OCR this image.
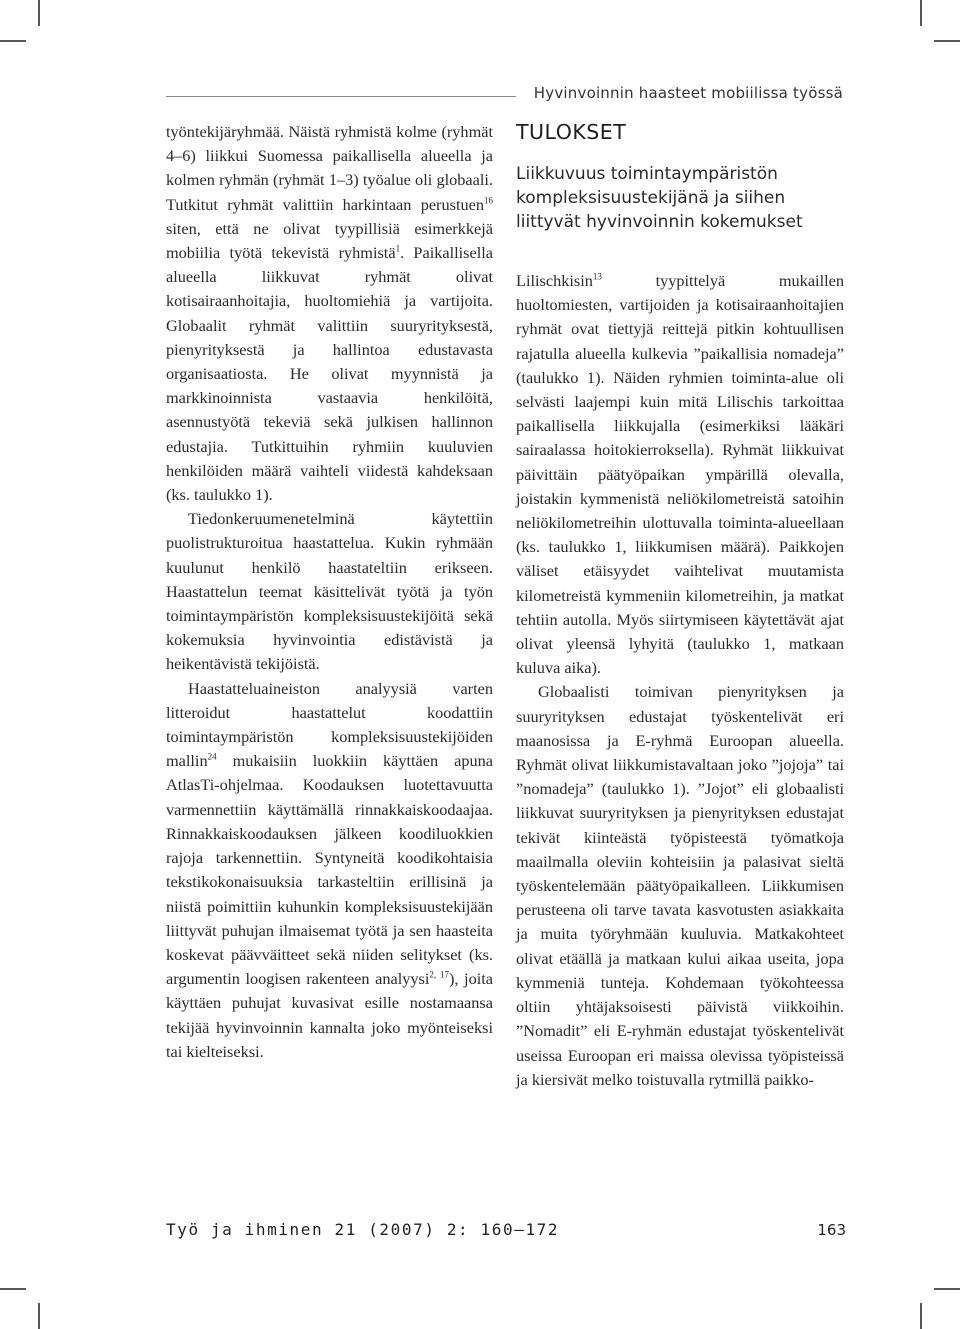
Hyvinvoinnin haasteet mobiilissa työssä

työntekijäryhmää. Näistä ryhmistä kolme (ryhmät 4–6) liikkui Suomessa paikallisella alueella ja kolmen ryhmän (ryhmät 1–3) työalue oli globaali. Tutkitut ryhmät valittiin harkintaan perustuen$^{16}$ siten, että ne olivat tyypillisiä esimerkkejä mobiilia työtä tekevistä ryhmistä$^1$. Paikallisella alueella liikkuvat ryhmät olivat kotisairaanhoitajia, huoltomiehiä ja vartijoita. Globaalit ryhmät valittiin suuryrityksestä, pienyrityksestä ja hallintoa edustavasta organisaatiosta. He olivat myynnistä ja markkinoinnista vastaavia henkilöitä, asennustyötä tekeviä sekä julkisen hallinnon edustajia. Tutkittuihin ryhmiin kuuluvien henkilöiden määrä vaihteli viidestä kahdeksaan (ks. taulukko 1).

Tiedonkeruumenetelminä käytettiin puolistrukturoitua haastattelua. Kukin ryhmään kuulunut henkilö haastateltiin erikseen. Haastattelun teemat käsittelivät työtä ja työn toimintaympäristön kompleksisuustekijöitä sekä kokemuksia hyvinvointia edistävistä ja heikentävistä tekijöistä.

Haastatteluaineiston analyysiä varten litteroidut haastattelut koodattiin toimintaympäristön kompleksisuustekijöiden mallin$^{24}$ mukaisiin luokkiin käyttäen apuna AtlasTi-ohjelmaa. Koodauksen luotettavuutta varmennettiin käyttämällä rinnakkaiskoodaajaa. Rinnakkaiskoodauksen jälkeen koodiluokkien rajoja tarkennettiin. Syntyneitä koodikohtaisia tekstikokonaisuuksia tarkasteltiin erillisinä ja niistä poimittiin kuhunkin kompleksisuustekijään liittyvät puhujan ilmaisemat työtä ja sen haasteita koskevat päävväitteet sekä niiden selitykset (ks. argumentin loogisen rakenteen analyysi$^{2, 17}$), joita käyttäen puhujat kuvasivat esille nostamaansa tekijää hyvinvoinnin kannalta joko myönteiseksi tai kielteiseksi.

TULOKSET
Liikkuvuus toimintaympäristön kompleksisuustekijänä ja siihen liittyvät hyvinvoinnin kokemukset

Lilischkisin$^{13}$ tyypittelyä mukaillen huoltomiesten, vartijoiden ja kotisairaanhoitajien ryhmät ovat tiettyjä reittejä pitkin kohtuullisen rajatulla alueella kulkevia ”paikallisia nomadeja” (taulukko 1). Näiden ryhmien toiminta-alue oli selvästi laajempi kuin mitä Lilischis tarkoittaa paikallisella liikkujalla (esimerkiksi lääkäri sairaalassa hoitokierroksella). Ryhmät liikkuivat päivittäin päätyöpaikan ympärillä olevalla, joistakin kymmenistä neliökilometreistä satoihin neliökilometreihin ulottuvalla toiminta-alueellaan (ks. taulukko 1, liikkumisen määrä). Paikkojen väliset etäisyydet vaihtelivat muutamista kilometreistä kymmeniin kilometreihin, ja matkat tehtiin autolla. Myös siirtymiseen käytettävät ajat olivat yleensä lyhyitä (taulukko 1, matkaan kuluva aika).

Globaalisti toimivan pienyrityksen ja suuryrityksen edustajat työskentelivät eri maanosissa ja E-ryhmä Euroopan alueella. Ryhmät olivat liikkumistavaltaan joko ”jojoja” tai ”nomadeja” (taulukko 1). ”Jojot” eli globaalisti liikkuvat suuryrityksen ja pienyrityksen edustajat tekivät kiinteästä työpisteestä työmatkoja maailmalla oleviin kohteisiin ja palasivat sieltä työskentelemään päätyöpaikalleen. Liikkumisen perusteena oli tarve tavata kasvotusten asiakkaita ja muita työryhmään kuuluvia. Matkakohteet olivat etäällä ja matkaan kului aikaa useita, jopa kymmeniä tunteja. Kohdemaan työkohteessa oltiin yhtäjaksoisesti päivistä viikkoihin. ”Nomadit” eli E-ryhmän edustajat työskentelivät useissa Euroopan eri maissa olevissa työpisteissä ja kiersivät melko toistuvalla rytmillä paikko-

Työ ja ihminen 21 (2007) 2: 160–172	163
